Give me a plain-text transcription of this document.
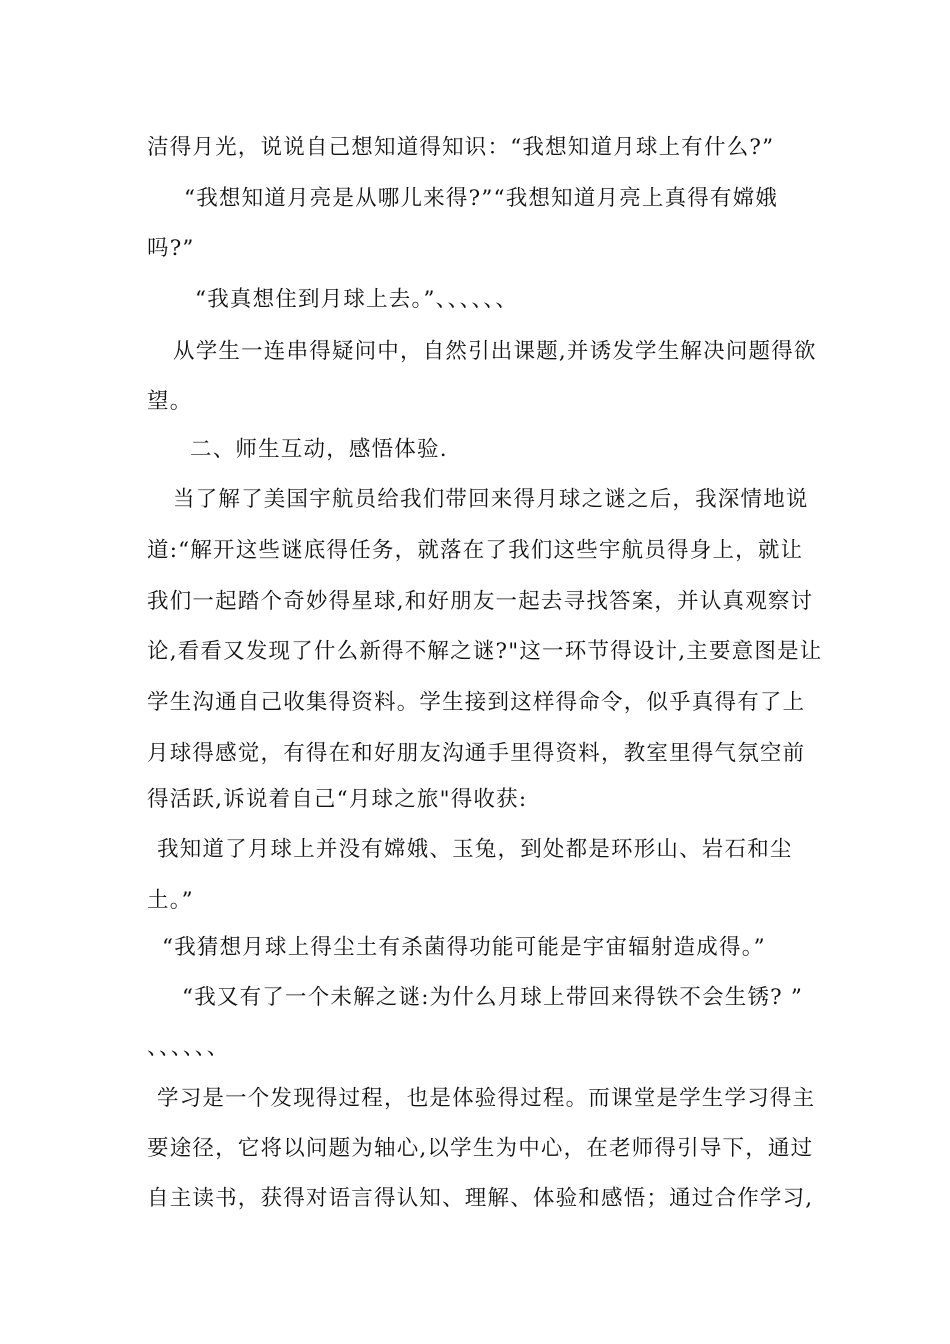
洁得月光，说说自己想知道得知识：“我想知道月球上有什么?”
“我想知道月亮是从哪儿来得?”“我想知道月亮上真得有嫦娥
吗?”
“我真想住到月球上去。”、、、、、、
从学生一连串得疑问中，自然引出课题,并诱发学生解决问题得欲
望。
二、师生互动，感悟体验.
当了解了美国宇航员给我们带回来得月球之谜之后，我深情地说
道:“解开这些谜底得任务，就落在了我们这些宇航员得身上，就让
我们一起踏个奇妙得星球,和好朋友一起去寻找答案，并认真观察讨
论,看看又发现了什么新得不解之谜?"这一环节得设计,主要意图是让
学生沟通自己收集得资料。学生接到这样得命令，似乎真得有了上
月球得感觉，有得在和好朋友沟通手里得资料，教室里得气氛空前
得活跃,诉说着自己“月球之旅"得收获:
我知道了月球上并没有嫦娥、玉兔，到处都是环形山、岩石和尘
土。”
“我猜想月球上得尘土有杀菌得功能可能是宇宙辐射造成得。”
“我又有了一个未解之谜:为什么月球上带回来得铁不会生锈? ”
、、、、、、
学习是一个发现得过程，也是体验得过程。而课堂是学生学习得主
要途径，它将以问题为轴心,以学生为中心，在老师得引导下，通过
自主读书，获得对语言得认知、理解、体验和感悟；通过合作学习,
